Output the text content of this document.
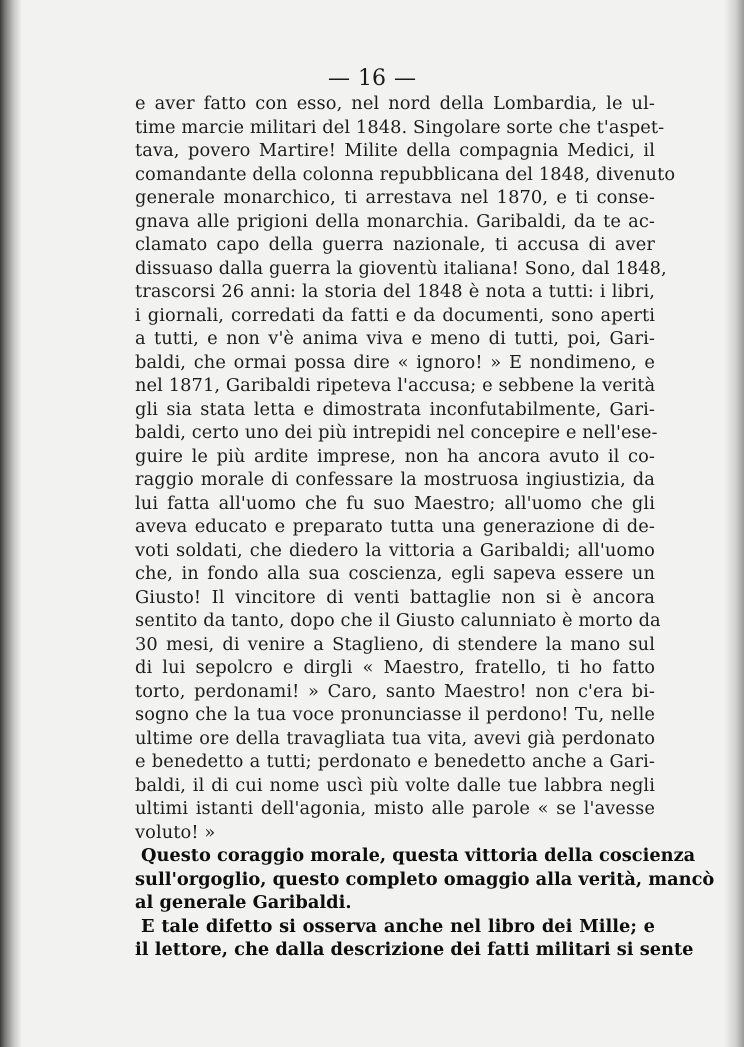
— 16 —
e aver fatto con esso, nel nord della Lombardia, le ul-
time marcie militari del 1848. Singolare sorte che t'aspet-
tava, povero Martire! Milite della compagnia Medici, il
comandante della colonna repubblicana del 1848, divenuto
generale monarchico, ti arrestava nel 1870, e ti conse-
gnava alle prigioni della monarchia. Garibaldi, da te ac-
clamato capo della guerra nazionale, ti accusa di aver
dissuaso dalla guerra la gioventù italiana! Sono, dal 1848,
trascorsi 26 anni: la storia del 1848 è nota a tutti: i libri,
i giornali, corredati da fatti e da documenti, sono aperti
a tutti, e non v'è anima viva e meno di tutti, poi, Gari-
baldi, che ormai possa dire « ignoro! » E nondimeno, e
nel 1871, Garibaldi ripeteva l'accusa; e sebbene la verità
gli sia stata letta e dimostrata inconfutabilmente, Gari-
baldi, certo uno dei più intrepidi nel concepire e nell'ese-
guire le più ardite imprese, non ha ancora avuto il co-
raggio morale di confessare la mostruosa ingiustizia, da
lui fatta all'uomo che fu suo Maestro; all'uomo che gli
aveva educato e preparato tutta una generazione di de-
voti soldati, che diedero la vittoria a Garibaldi; all'uomo
che, in fondo alla sua coscienza, egli sapeva essere un
Giusto! Il vincitore di venti battaglie non si è ancora
sentito da tanto, dopo che il Giusto calunniato è morto da
30 mesi, di venire a Staglieno, di stendere la mano sul
di lui sepolcro e dirgli « Maestro, fratello, ti ho fatto
torto, perdonami! » Caro, santo Maestro! non c'era bi-
sogno che la tua voce pronunciasse il perdono! Tu, nelle
ultime ore della travagliata tua vita, avevi già perdonato
e benedetto a tutti; perdonato e benedetto anche a Gari-
baldi, il di cui nome uscì più volte dalle tue labbra negli
ultimi istanti dell'agonia, misto alle parole « se l'avesse
voluto! »
Questo coraggio morale, questa vittoria della coscienza
sull'orgoglio, questo completo omaggio alla verità, mancò
al generale Garibaldi.
E tale difetto si osserva anche nel libro dei Mille; e
il lettore, che dalla descrizione dei fatti militari si sente
